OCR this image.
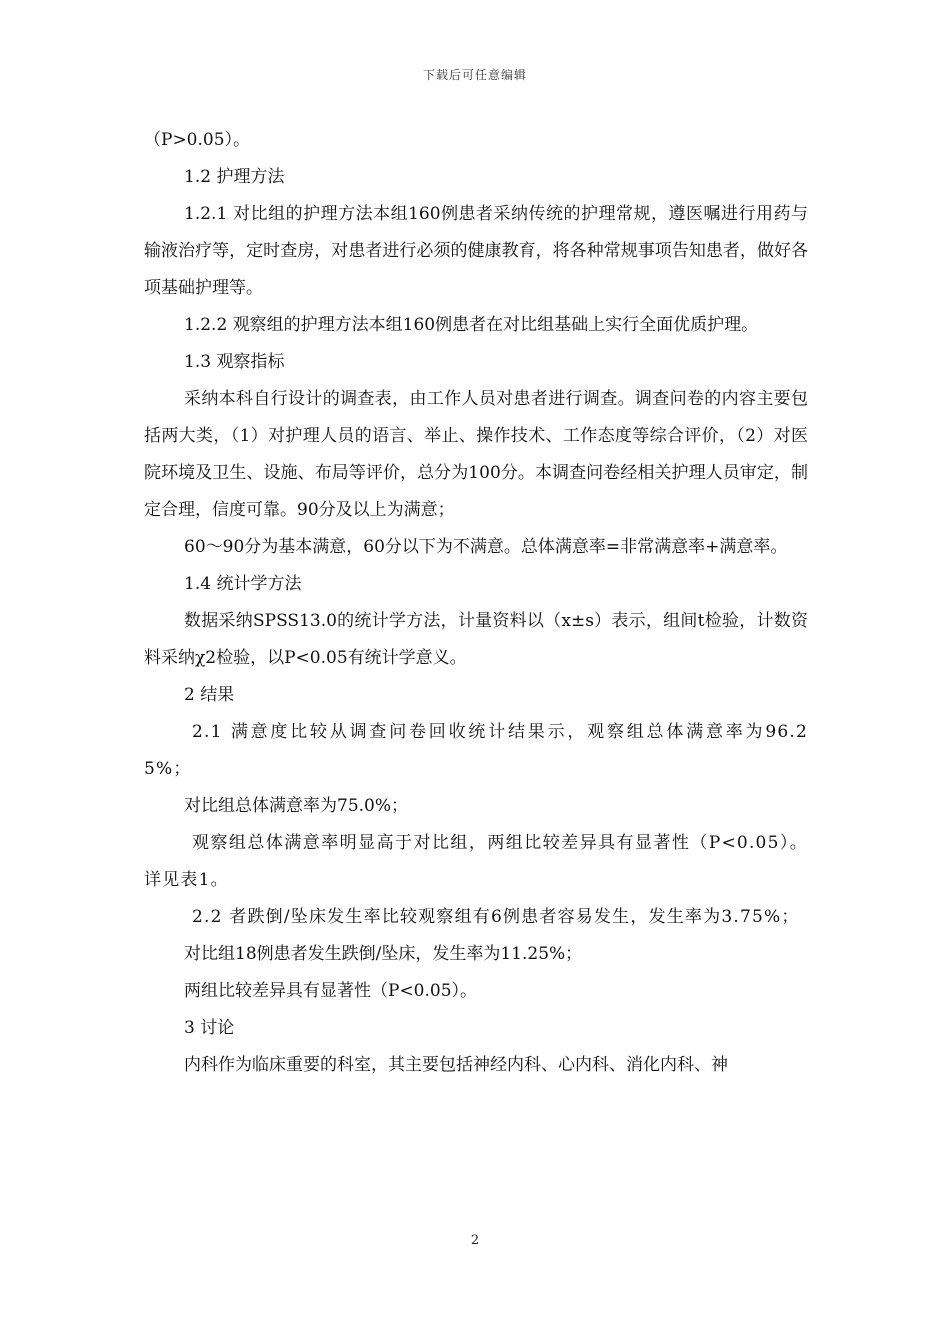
下载后可任意编辑

（P>0.05）。

1.2 护理方法

1.2.1 对比组的护理方法本组160例患者采纳传统的护理常规，遵医嘱进行用药与输液治疗等，定时查房，对患者进行必须的健康教育，将各种常规事项告知患者，做好各项基础护理等。

1.2.2 观察组的护理方法本组160例患者在对比组基础上实行全面优质护理。

1.3 观察指标

采纳本科自行设计的调查表，由工作人员对患者进行调查。调查问卷的内容主要包括两大类，（1）对护理人员的语言、举止、操作技术、工作态度等综合评价，（2）对医院环境及卫生、设施、布局等评价，总分为100分。本调查问卷经相关护理人员审定，制定合理，信度可靠。90分及以上为满意；

60～90分为基本满意，60分以下为不满意。总体满意率=非常满意率+满意率。

1.4 统计学方法

数据采纳SPSS13.0的统计学方法，计量资料以（x±s）表示，组间t检验，计数资料采纳χ2检验，以P<0.05有统计学意义。

2 结果

2.1 满意度比较从调查问卷回收统计结果示，观察组总体满意率为96.25%；

对比组总体满意率为75.0%；

观察组总体满意率明显高于对比组，两组比较差异具有显著性（P<0.05）。详见表1。

2.2 者跌倒/坠床发生率比较观察组有6例患者容易发生，发生率为3.75%；

对比组18例患者发生跌倒/坠床，发生率为11.25%；

两组比较差异具有显著性（P<0.05）。

3 讨论

内科作为临床重要的科室，其主要包括神经内科、心内科、消化内科、神

2
